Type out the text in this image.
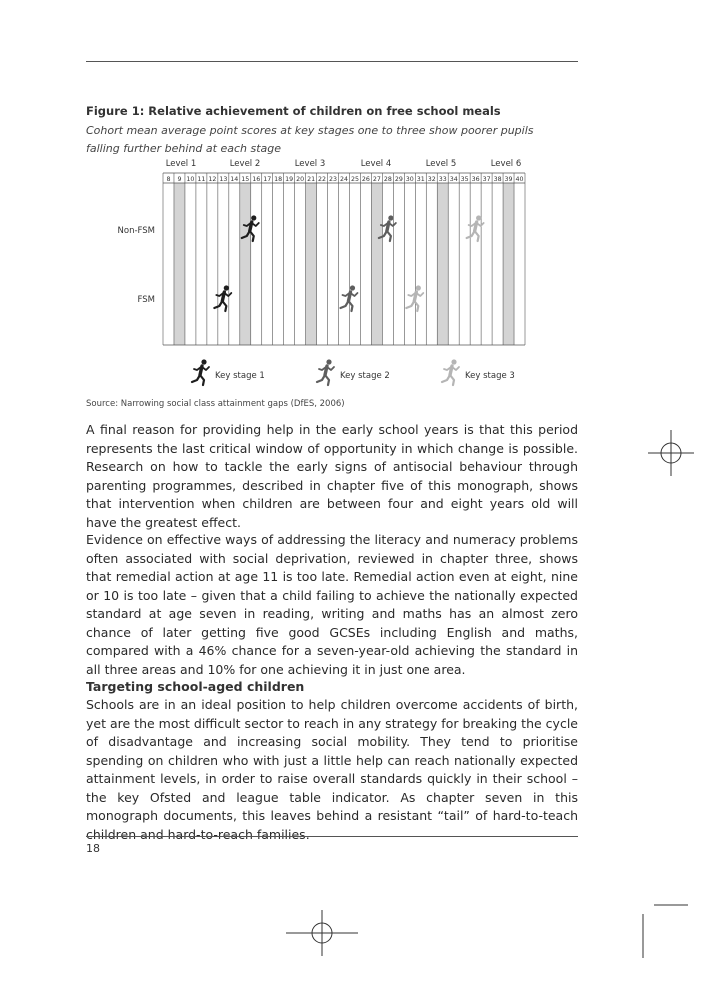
Figure 1: Relative achievement of children on free school meals
Cohort mean average point scores at key stages one to three show poorer pupils falling further behind at each stage
8 9 10 11 12 13 14 15 16 17 18 19 20 21 22 23 24 25 26 27 28 29 30 31 32 33 34 35 36 37 38 39 40
Level 1	Level 2	Level 3	Level 4	Level 5	Level 6
Non-FSM
FSM
Key stage 1	Key stage 2	Key stage 3
Source: Narrowing social class attainment gaps (DfES, 2006)

A final reason for providing help in the early school years is that this period represents the last critical window of opportunity in which change is possible. Research on how to tackle the early signs of antisocial behaviour through parenting programmes, described in chapter five of this monograph, shows that intervention when children are between four and eight years old will have the greatest effect.

Evidence on effective ways of addressing the literacy and numeracy problems often associated with social deprivation, reviewed in chapter three, shows that remedial action at age 11 is too late. Remedial action even at eight, nine or 10 is too late – given that a child failing to achieve the nationally expected standard at age seven in reading, writing and maths has an almost zero chance of later getting five good GCSEs including English and maths, compared with a 46% chance for a seven-year-old achieving the standard in all three areas and 10% for one achieving it in just one area.

Targeting school-aged children

Schools are in an ideal position to help children overcome accidents of birth, yet are the most difficult sector to reach in any strategy for breaking the cycle of disadvantage and increasing social mobility. They tend to prioritise spending on children who with just a little help can reach nationally expected attainment levels, in order to raise overall standards quickly in their school – the key Ofsted and league table indicator. As chapter seven in this monograph documents, this leaves behind a resistant “tail” of hard-to-teach children and hard-to-reach families.

18
